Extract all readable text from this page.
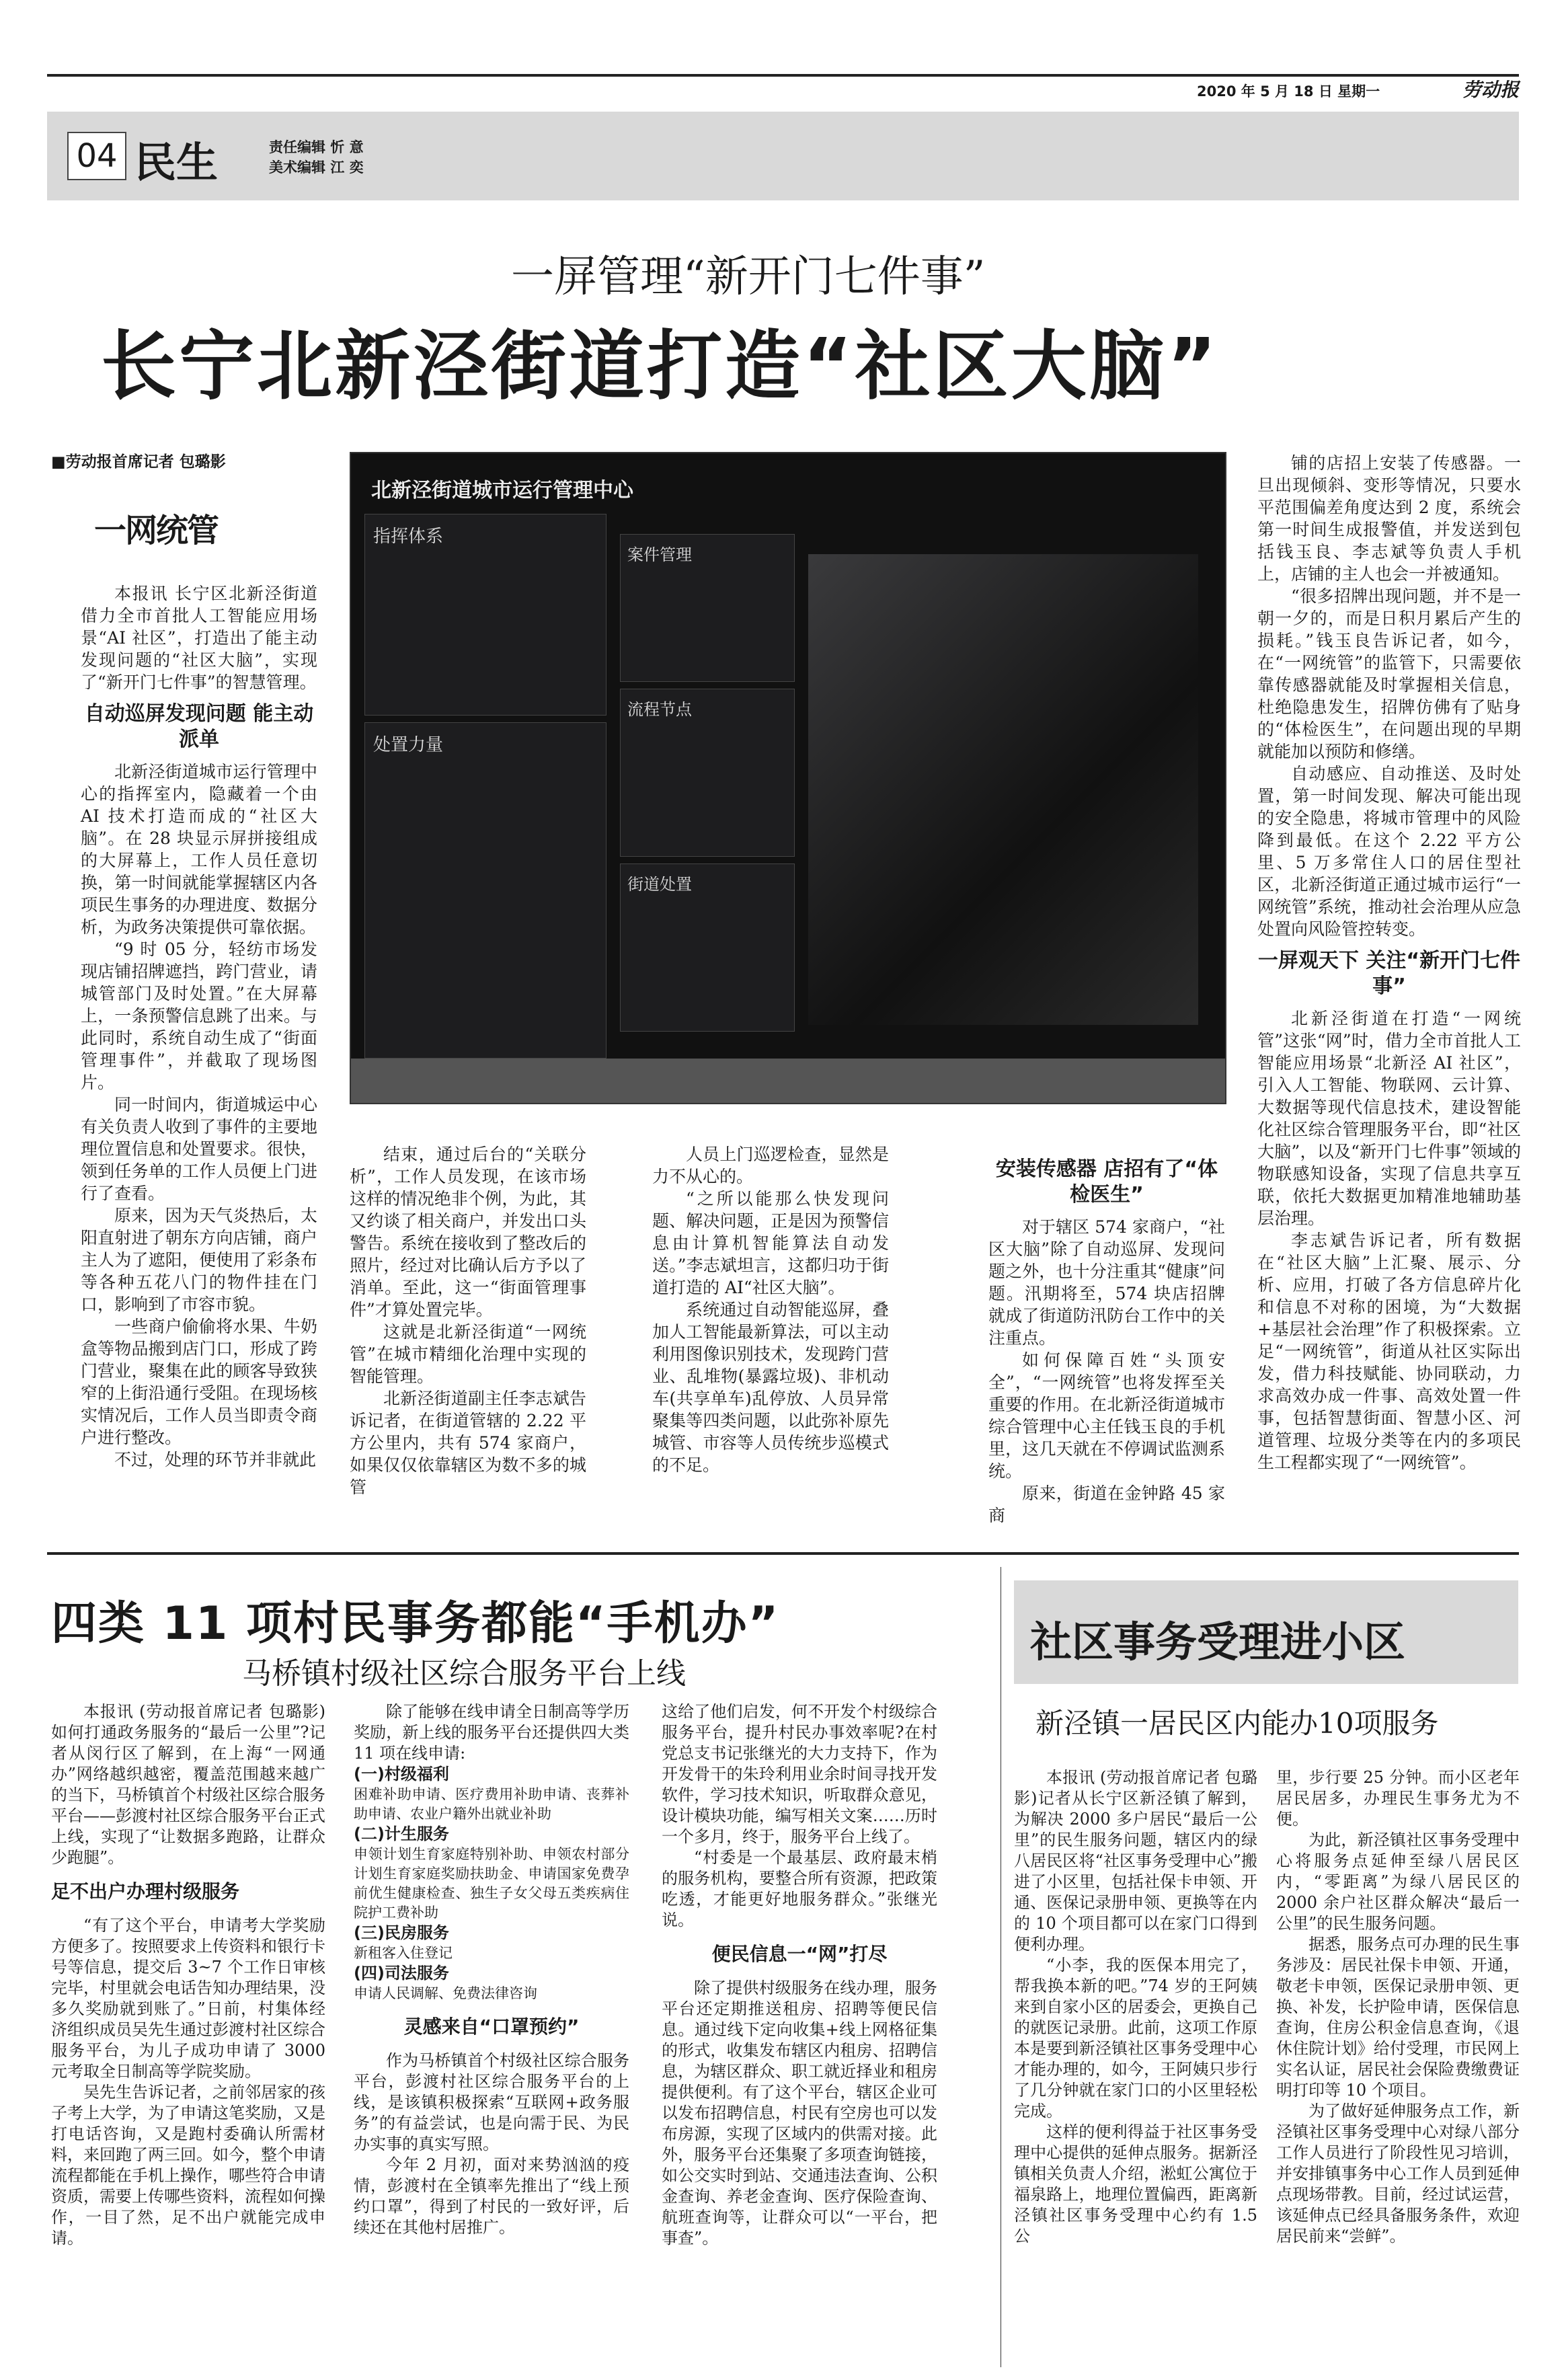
2020 年 5 月 18 日 星期一	劳动报
04 民生	责任编辑 忻 意
美术编辑 江 奕
一屏管理“新开门七件事”
长宁北新泾街道打造“社区大脑”
■劳动报首席记者 包璐影
一网统管
北新泾街道城市运行管理中心
指挥体系
处置力量
案件管理
流程节点
街道处置

本报讯 长宁区北新泾街道借力全市首批人工智能应用场景“AI 社区”，打造出了能主动发现问题的“社区大脑”，实现了“新开门七件事”的智慧管理。

自动巡屏发现问题 能主动派单

北新泾街道城市运行管理中心的指挥室内，隐藏着一个由 AI 技术打造而成的“社区大脑”。在 28 块显示屏拼接组成的大屏幕上，工作人员任意切换，第一时间就能掌握辖区内各项民生事务的办理进度、数据分析，为政务决策提供可靠依据。

“9 时 05 分，轻纺市场发现店铺招牌遮挡，跨门营业，请城管部门及时处置。”在大屏幕上，一条预警信息跳了出来。与此同时，系统自动生成了“街面管理事件”，并截取了现场图片。

同一时间内，街道城运中心有关负责人收到了事件的主要地理位置信息和处置要求。很快，领到任务单的工作人员便上门进行了查看。

原来，因为天气炎热后，太阳直射进了朝东方向店铺，商户主人为了遮阳，便使用了彩条布等各种五花八门的物件挂在门口，影响到了市容市貌。

一些商户偷偷将水果、牛奶盒等物品搬到店门口，形成了跨门营业，聚集在此的顾客导致狭窄的上街沿通行受阻。在现场核实情况后，工作人员当即责令商户进行整改。

不过，处理的环节并非就此

结束，通过后台的“关联分析”，工作人员发现，在该市场这样的情况绝非个例，为此，其又约谈了相关商户，并发出口头警告。系统在接收到了整改后的照片，经过对比确认后方予以了消单。至此，这一“街面管理事件”才算处置完毕。

这就是北新泾街道“一网统管”在城市精细化治理中实现的智能管理。

北新泾街道副主任李志斌告诉记者，在街道管辖的 2.22 平方公里内，共有 574 家商户，如果仅仅依靠辖区为数不多的城管

人员上门巡逻检查，显然是力不从心的。

“之所以能那么快发现问题、解决问题，正是因为预警信息由计算机智能算法自动发送。”李志斌坦言，这都归功于街道打造的 AI“社区大脑”。

系统通过自动智能巡屏，叠加人工智能最新算法，可以主动利用图像识别技术，发现跨门营业、乱堆物(暴露垃圾)、非机动车(共享单车)乱停放、人员异常聚集等四类问题，以此弥补原先城管、市容等人员传统步巡模式的不足。

安装传感器 店招有了“体检医生”

对于辖区 574 家商户，“社区大脑”除了自动巡屏、发现问题之外，也十分注重其“健康”问题。汛期将至，574 块店招牌就成了街道防汛防台工作中的关注重点。

如何保障百姓“头顶安全”，“一网统管”也将发挥至关重要的作用。在北新泾街道城市综合管理中心主任钱玉良的手机里，这几天就在不停调试监测系统。

原来，街道在金钟路 45 家商

铺的店招上安装了传感器。一旦出现倾斜、变形等情况，只要水平范围偏差角度达到 2 度，系统会第一时间生成报警值，并发送到包括钱玉良、李志斌等负责人手机上，店铺的主人也会一并被通知。

“很多招牌出现问题，并不是一朝一夕的，而是日积月累后产生的损耗。”钱玉良告诉记者，如今，在“一网统管”的监管下，只需要依靠传感器就能及时掌握相关信息，杜绝隐患发生，招牌仿佛有了贴身的“体检医生”，在问题出现的早期就能加以预防和修缮。

自动感应、自动推送、及时处置，第一时间发现、解决可能出现的安全隐患，将城市管理中的风险降到最低。在这个 2.22 平方公里、5 万多常住人口的居住型社区，北新泾街道正通过城市运行“一网统管”系统，推动社会治理从应急处置向风险管控转变。

一屏观天下 关注“新开门七件事”

北新泾街道在打造“一网统管”这张“网”时，借力全市首批人工智能应用场景“北新泾 AI 社区”，引入人工智能、物联网、云计算、大数据等现代信息技术，建设智能化社区综合管理服务平台，即“社区大脑”，以及“新开门七件事”领域的物联感知设备，实现了信息共享互联，依托大数据更加精准地辅助基层治理。

李志斌告诉记者，所有数据在“社区大脑”上汇聚、展示、分析、应用，打破了各方信息碎片化和信息不对称的困境，为“大数据+基层社会治理”作了积极探索。立足“一网统管”，街道从社区实际出发，借力科技赋能、协同联动，力求高效办成一件事、高效处置一件事，包括智慧街面、智慧小区、河道管理、垃圾分类等在内的多项民生工程都实现了“一网统管”。

四类 11 项村民事务都能“手机办”
马桥镇村级社区综合服务平台上线

本报讯 (劳动报首席记者 包璐影)如何打通政务服务的“最后一公里”?记者从闵行区了解到，在上海“一网通办”网络越织越密，覆盖范围越来越广的当下，马桥镇首个村级社区综合服务平台——彭渡村社区综合服务平台正式上线，实现了“让数据多跑路，让群众少跑腿”。

足不出户办理村级服务

“有了这个平台，申请考大学奖励方便多了。按照要求上传资料和银行卡号等信息，提交后 3~7 个工作日审核完毕，村里就会电话告知办理结果，没多久奖励就到账了。”日前，村集体经济组织成员吴先生通过彭渡村社区综合服务平台，为儿子成功申请了 3000 元考取全日制高等学院奖励。

吴先生告诉记者，之前邻居家的孩子考上大学，为了申请这笔奖励，又是打电话咨询，又是跑村委确认所需材料，来回跑了两三回。如今，整个申请流程都能在手机上操作，哪些符合申请资质，需要上传哪些资料，流程如何操作，一目了然，足不出户就能完成申请。

除了能够在线申请全日制高等学历奖励，新上线的服务平台还提供四大类 11 项在线申请:

(一)村级福利
困难补助申请、医疗费用补助申请、丧葬补助申请、农业户籍外出就业补助
(二)计生服务
申领计划生育家庭特别补助、申领农村部分计划生育家庭奖励扶助金、申请国家免费孕前优生健康检查、独生子女父母五类疾病住院护工费补助
(三)民房服务
新租客入住登记
(四)司法服务
申请人民调解、免费法律咨询
灵感来自“口罩预约”

作为马桥镇首个村级社区综合服务平台，彭渡村社区综合服务平台的上线，是该镇积极探索“互联网+政务服务”的有益尝试，也是向需于民、为民办实事的真实写照。

今年 2 月初，面对来势汹汹的疫情，彭渡村在全镇率先推出了“线上预约口罩”，得到了村民的一致好评，后续还在其他村居推广。

这给了他们启发，何不开发个村级综合服务平台，提升村民办事效率呢?在村党总支书记张继光的大力支持下，作为开发骨干的朱玲利用业余时间寻找开发软件，学习技术知识，听取群众意见，设计模块功能，编写相关文案……历时一个多月，终于，服务平台上线了。

“村委是一个最基层、政府最末梢的服务机构，要整合所有资源，把政策吃透，才能更好地服务群众。”张继光说。

便民信息一“网”打尽

除了提供村级服务在线办理，服务平台还定期推送租房、招聘等便民信息。通过线下定向收集+线上网格征集的形式，收集发布辖区内租房、招聘信息，为辖区群众、职工就近择业和租房提供便利。有了这个平台，辖区企业可以发布招聘信息，村民有空房也可以发布房源，实现了区域内的供需对接。此外，服务平台还集聚了多项查询链接，如公交实时到站、交通违法查询、公积金查询、养老金查询、医疗保险查询、航班查询等，让群众可以“一平台，把事查”。

社区事务受理进小区
新泾镇一居民区内能办10项服务

本报讯 (劳动报首席记者 包璐影)记者从长宁区新泾镇了解到，为解决 2000 多户居民“最后一公里”的民生服务问题，辖区内的绿八居民区将“社区事务受理中心”搬进了小区里，包括社保卡申领、开通、医保记录册申领、更换等在内的 10 个项目都可以在家门口得到便利办理。

“小李，我的医保本用完了，帮我换本新的吧。”74 岁的王阿姨来到自家小区的居委会，更换自己的就医记录册。此前，这项工作原本是要到新泾镇社区事务受理中心才能办理的，如今，王阿姨只步行了几分钟就在家门口的小区里轻松完成。

这样的便利得益于社区事务受理中心提供的延伸点服务。据新泾镇相关负责人介绍，淞虹公寓位于福泉路上，地理位置偏西，距离新泾镇社区事务受理中心约有 1.5 公

里，步行要 25 分钟。而小区老年居民居多，办理民生事务尤为不便。

为此，新泾镇社区事务受理中心将服务点延伸至绿八居民区内，“零距离”为绿八居民区的 2000 余户社区群众解决“最后一公里”的民生服务问题。

据悉，服务点可办理的民生事务涉及：居民社保卡申领、开通，敬老卡申领，医保记录册申领、更换、补发，长护险申请，医保信息查询，住房公积金信息查询，《退休住院计划》给付受理，市民网上实名认证，居民社会保险费缴费证明打印等 10 个项目。

为了做好延伸服务点工作，新泾镇社区事务受理中心对绿八部分工作人员进行了阶段性见习培训，并安排镇事务中心工作人员到延伸点现场带教。目前，经过试运营，该延伸点已经具备服务条件，欢迎居民前来“尝鲜”。
